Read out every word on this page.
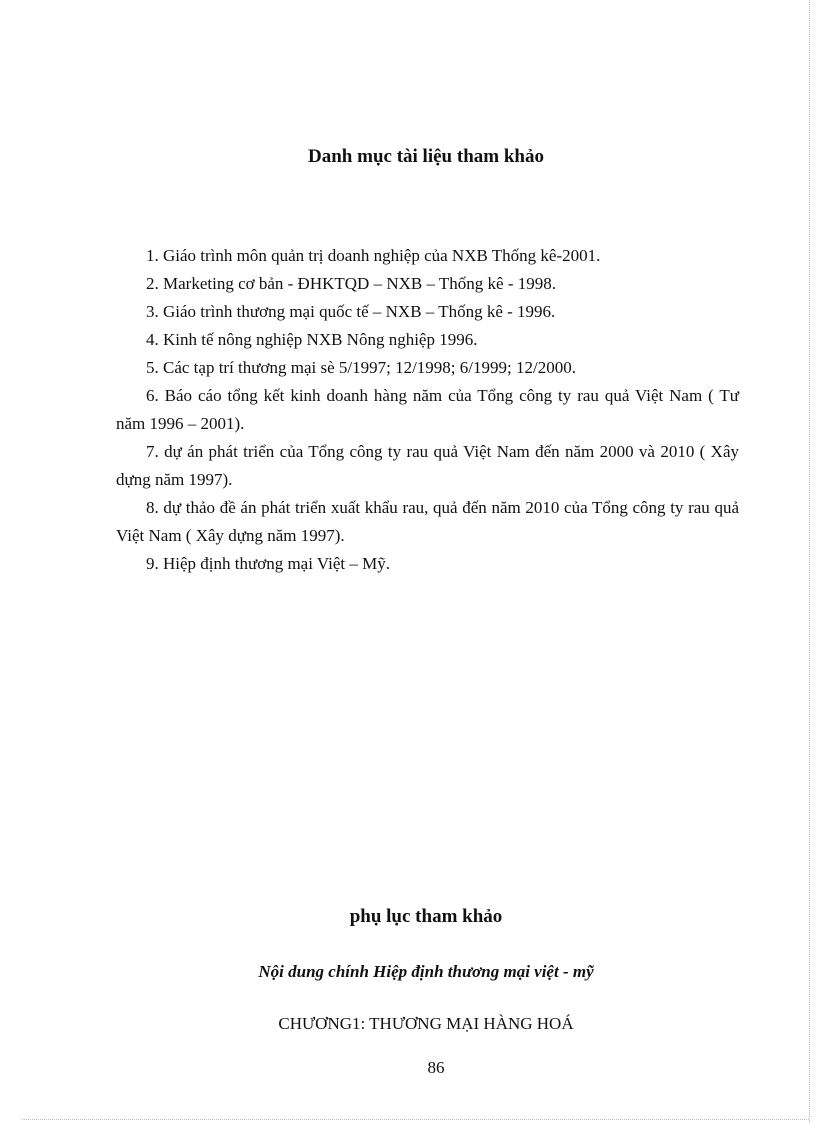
Danh mục tài liệu tham khảo
1. Giáo trình môn quản trị doanh nghiệp của NXB Thống kê-2001.
2. Marketing cơ bản - ĐHKTQD – NXB – Thống kê - 1998.
3. Giáo trình thương mại quốc tế – NXB – Thống kê - 1996.
4. Kinh tế nông nghiệp NXB Nông nghiệp 1996.
5. Các tạp trí thương mại sè 5/1997; 12/1998; 6/1999; 12/2000.
6. Báo cáo tổng kết kinh doanh hàng năm của Tổng công ty rau quả Việt Nam ( Tư năm 1996 – 2001).
7. dự án phát triển của Tổng công ty rau quả Việt Nam đến năm 2000 và 2010 ( Xây dựng năm 1997).
8. dự thảo đề án phát triển xuất khẩu rau, quả đến năm 2010 của Tổng công ty rau quả Việt Nam ( Xây dựng năm 1997).
9. Hiệp định thương mại Việt – Mỹ.
phụ lục tham khảo
Nội dung chính Hiệp định thương mại việt - mỹ

CHƯƠNG1: THƯƠNG MẠI HÀNG HOÁ

86
